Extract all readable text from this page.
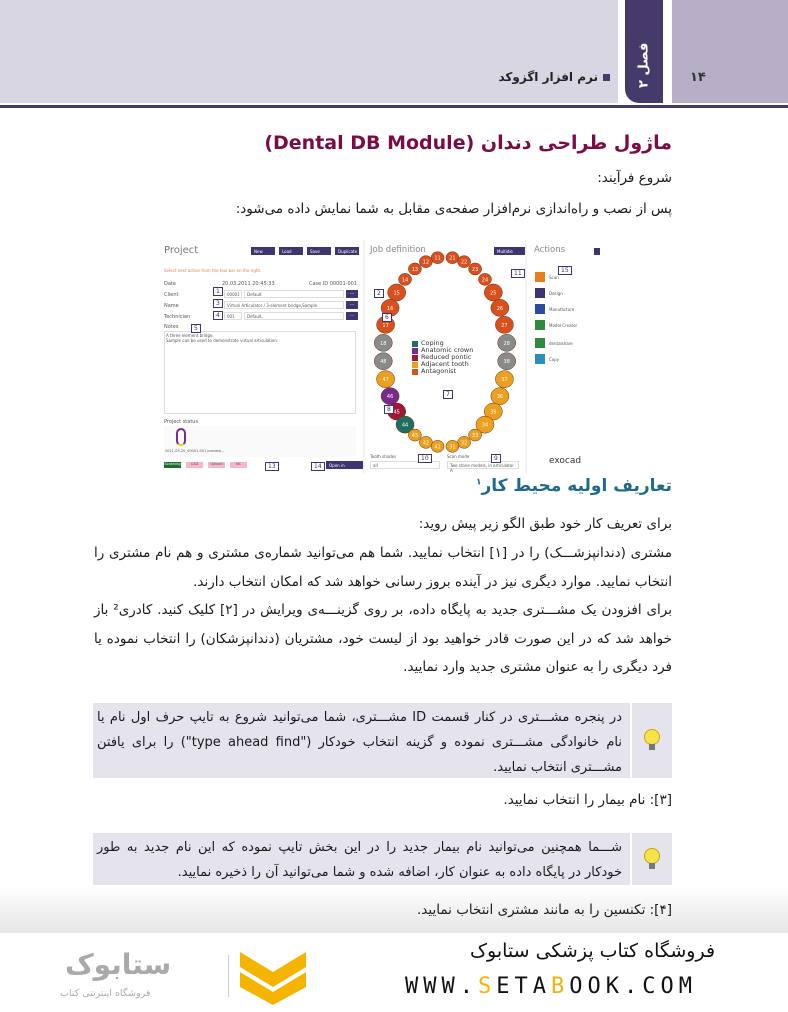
فصل ۲	۱۴
نرم افزار اگزوکد
ماژول طراحی دندان (Dental DB Module)
شروع فرآیند:
پس از نصب و راه‌اندازی نرم‌افزار صفحه‌ی مقابل به شما نمایش داده می‌شود:
Project	New	Load	Save	Duplicate
Select next action from the tool bar on the right.
Date	20.03.2011 20:45:33	Case ID 00001-001
Client	00001	Default	...
Name	Virtual Articulator / 3-element bridge,Sample	...
Technician	001	Default,	...
Notes
A three element bridge.
Sample can be used to demonstrate virtual articulation.
Project status
2011-03-20_00001-001 preview...
Scanning	CAD	Upload	NC	Open in explorer
Job definition	Multidie mode
11
12
13
14
15
16
17
18
48
47
46
45
44
43
42
41
21
22
23
24
25
26
27
28
38
37
36
35
34
33
32
31
Coping
Anatomic crown
Reduced pontic
Adjacent tooth
Antagonist
Tooth shades
all
Scan mode
Two stone models, in articulator A
Actions
Scan
Design
Manufacture
Model Creator
dentalshare
Copy
exocad
1	2
3
4
5
6
7
8
9
10
11
13	14
15
تعاریف اولیه محیط کار$^۱$
برای تعریف کار خود طبق الگو زیر پیش روید:
مشتری (دندانپزشـــک) را در [۱] انتخاب نمایید. شما هم می‌توانید شماره‌ی مشتری و هم نام مشتری را انتخاب نمایید. موارد دیگری نیز در آینده بروز رسانی خواهد شد که امکان انتخاب دارند.
برای افزودن یک مشـــتری جدید به پایگاه داده، بر روی گزینـــه‌ی ویرایش در [۲] کلیک کنید. کادری² باز خواهد شد که در این صورت قادر خواهید بود از لیست خود، مشتریان (دندانپزشکان) را انتخاب نموده یا فرد دیگری را به عنوان مشتری جدید وارد نمایید.
در پنجره مشـــتری در کنار قسمت ID مشـــتری، شما می‌توانید شروع به تایپ حرف اول نام یا نام خانوادگی مشـــتری نموده و گزینه انتخاب خودکار ("type ahead find") را برای یافتن مشـــتری انتخاب نمایید.
[۳]: نام بیمار را انتخاب نمایید.
شـــما همچنین می‌توانید نام بیمار جدید را در این بخش تایپ نموده که این نام جدید به طور خودکار در پایگاه داده به عنوان کار، اضافه شده و شما می‌توانید آن را ذخیره نمایید.
[۴]: تکنسین را به مانند مشتری انتخاب نمایید.
ستابوک
فروشگاه اینترنتی کتاب
فروشگاه کتاب پزشکی ستابوک
WWW.SETABOOK.COM
